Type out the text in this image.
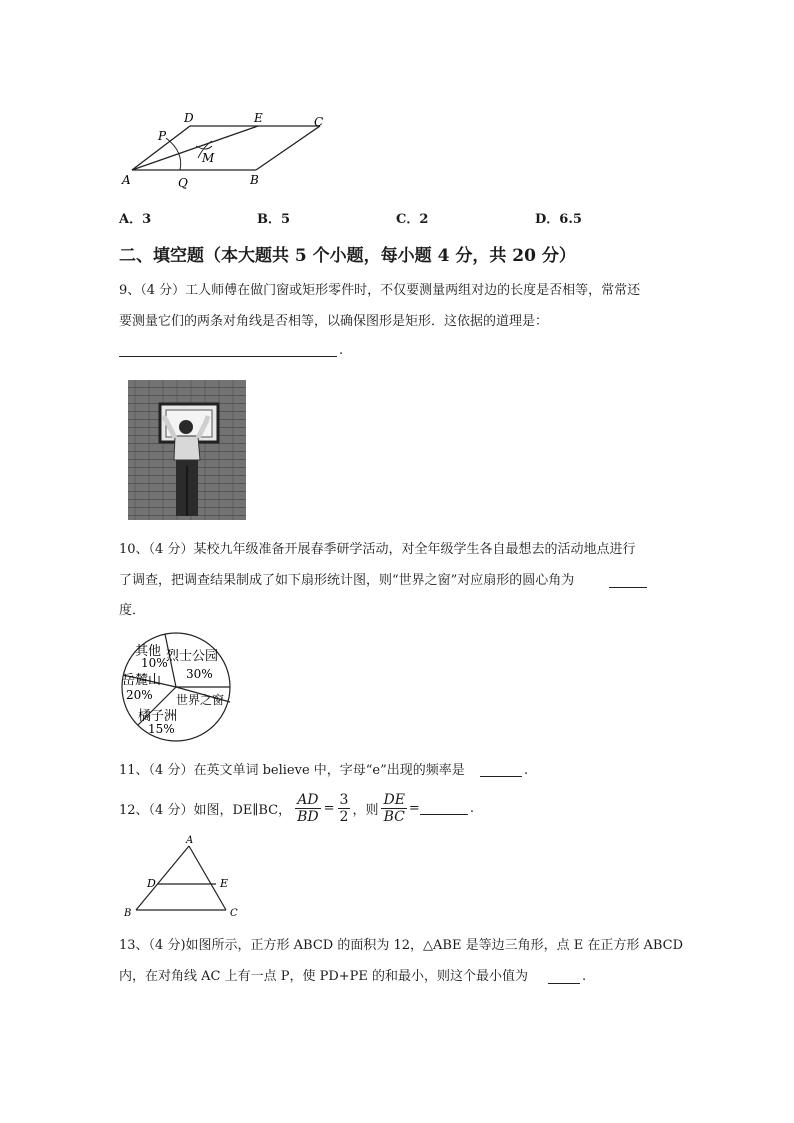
D	E	C
P
M
A	Q	B
A．3	B．5	C．2	D．6.5
二、填空题（本大题共 5 个小题，每小题 4 分，共 20 分）
9、（4 分）工人师傅在做门窗或矩形零件时，不仅要测量两组对边的长度是否相等，常常还
要测量它们的两条对角线是否相等，以确保图形是矩形．这依据的道理是：
.
10、（4 分）某校九年级准备开展春季研学活动，对全年级学生各自最想去的活动地点进行
了调查，把调查结果制成了如下扇形统计图，则“世界之窗”对应扇形的圆心角为
度．
其他
10%
烈士公园
30%
岳麓山
20% 世界之窗
橘子洲
15%
11、（4 分）在英文单词 believe 中，字母“e”出现的频率是	.
12、（4 分）如图，DE∥BC， $\frac{AD}{BD} = \frac{3}{2}$ ，则 $\frac{DE}{BC}$ =	.
A
D	E
B	C
13、（4 分)如图所示，正方形 ABCD 的面积为 12，△ABE 是等边三角形，点 E 在正方形 ABCD
内，在对角线 AC 上有一点 P，使 PD+PE 的和最小，则这个最小值为	.
